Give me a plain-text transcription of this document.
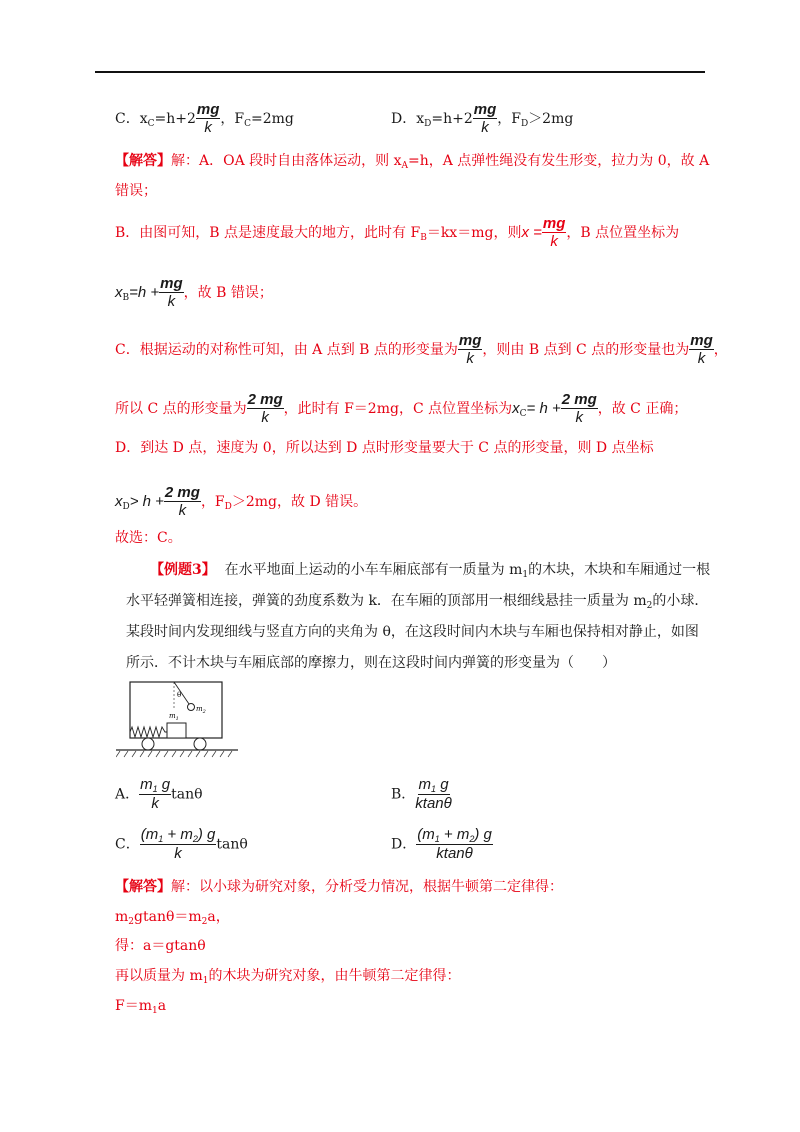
C．$x_C=h+2 \frac{mg}{k}$ ，$F_C=2mg$	D．$x_D=h+2 \frac{mg}{k}$ ，$F_D>2mg$
【解答】解：A．OA 段时自由落体运动，则 $x_A=h$，A 点弹性绳没有发生形变，拉力为 0，故 A
错误；
B．由图可知，B 点是速度最大的地方，此时有 $F_B=kx=mg$，则$x = \frac{mg}{k}$ ，B 点位置坐标为
$x_B=h + \frac{mg}{k}$ ，故 B 错误；
C．根据运动的对称性可知，由 A 点到 B 点的形变量为 $\frac{mg}{k}$ ，则由 B 点到 C 点的形变量也为 $\frac{mg}{k}$ ，
所以 C 点的形变量为 $\frac{2 mg}{k}$ ，此时有 F＝2mg，C 点位置坐标为$x_C= h + \frac{2 mg}{k}$ ，故 C 正确；
D．到达 D 点，速度为 0，所以达到 D 点时形变量要大于 C 点的形变量，则 D 点坐标
$x_D> h + \frac{2 mg}{k}$ ，$F_D>2mg$，故 D 错误。
故选：C。
【例题3】 在水平地面上运动的小车车厢底部有一质量为 $m_1$的木块，木块和车厢通过一根
水平轻弹簧相连接，弹簧的劲度系数为 k．在车厢的顶部用一根细线悬挂一质量为 $m_2$的小球．
某段时间内发现细线与竖直方向的夹角为 θ，在这段时间内木块与车厢也保持相对静止，如图
所示．不计木块与车厢底部的摩擦力，则在这段时间内弹簧的形变量为（　　）
θ
$m_2$
$m_1$
A． $\frac{m_1 g}{k}$ tanθ	B． $\frac{m_1 g}{ktan\theta}$
C． $\frac{(m_1 + m_2) g}{k}$ tanθ	D． $\frac{(m_1 + m_2) g}{ktan\theta}$
【解答】解：以小球为研究对象，分析受力情况，根据牛顿第二定律得：
$m_2gtan\theta=m_2a$，
得：a＝gtanθ
再以质量为 $m_1$的木块为研究对象，由牛顿第二定律得：
$F=m_1a$
